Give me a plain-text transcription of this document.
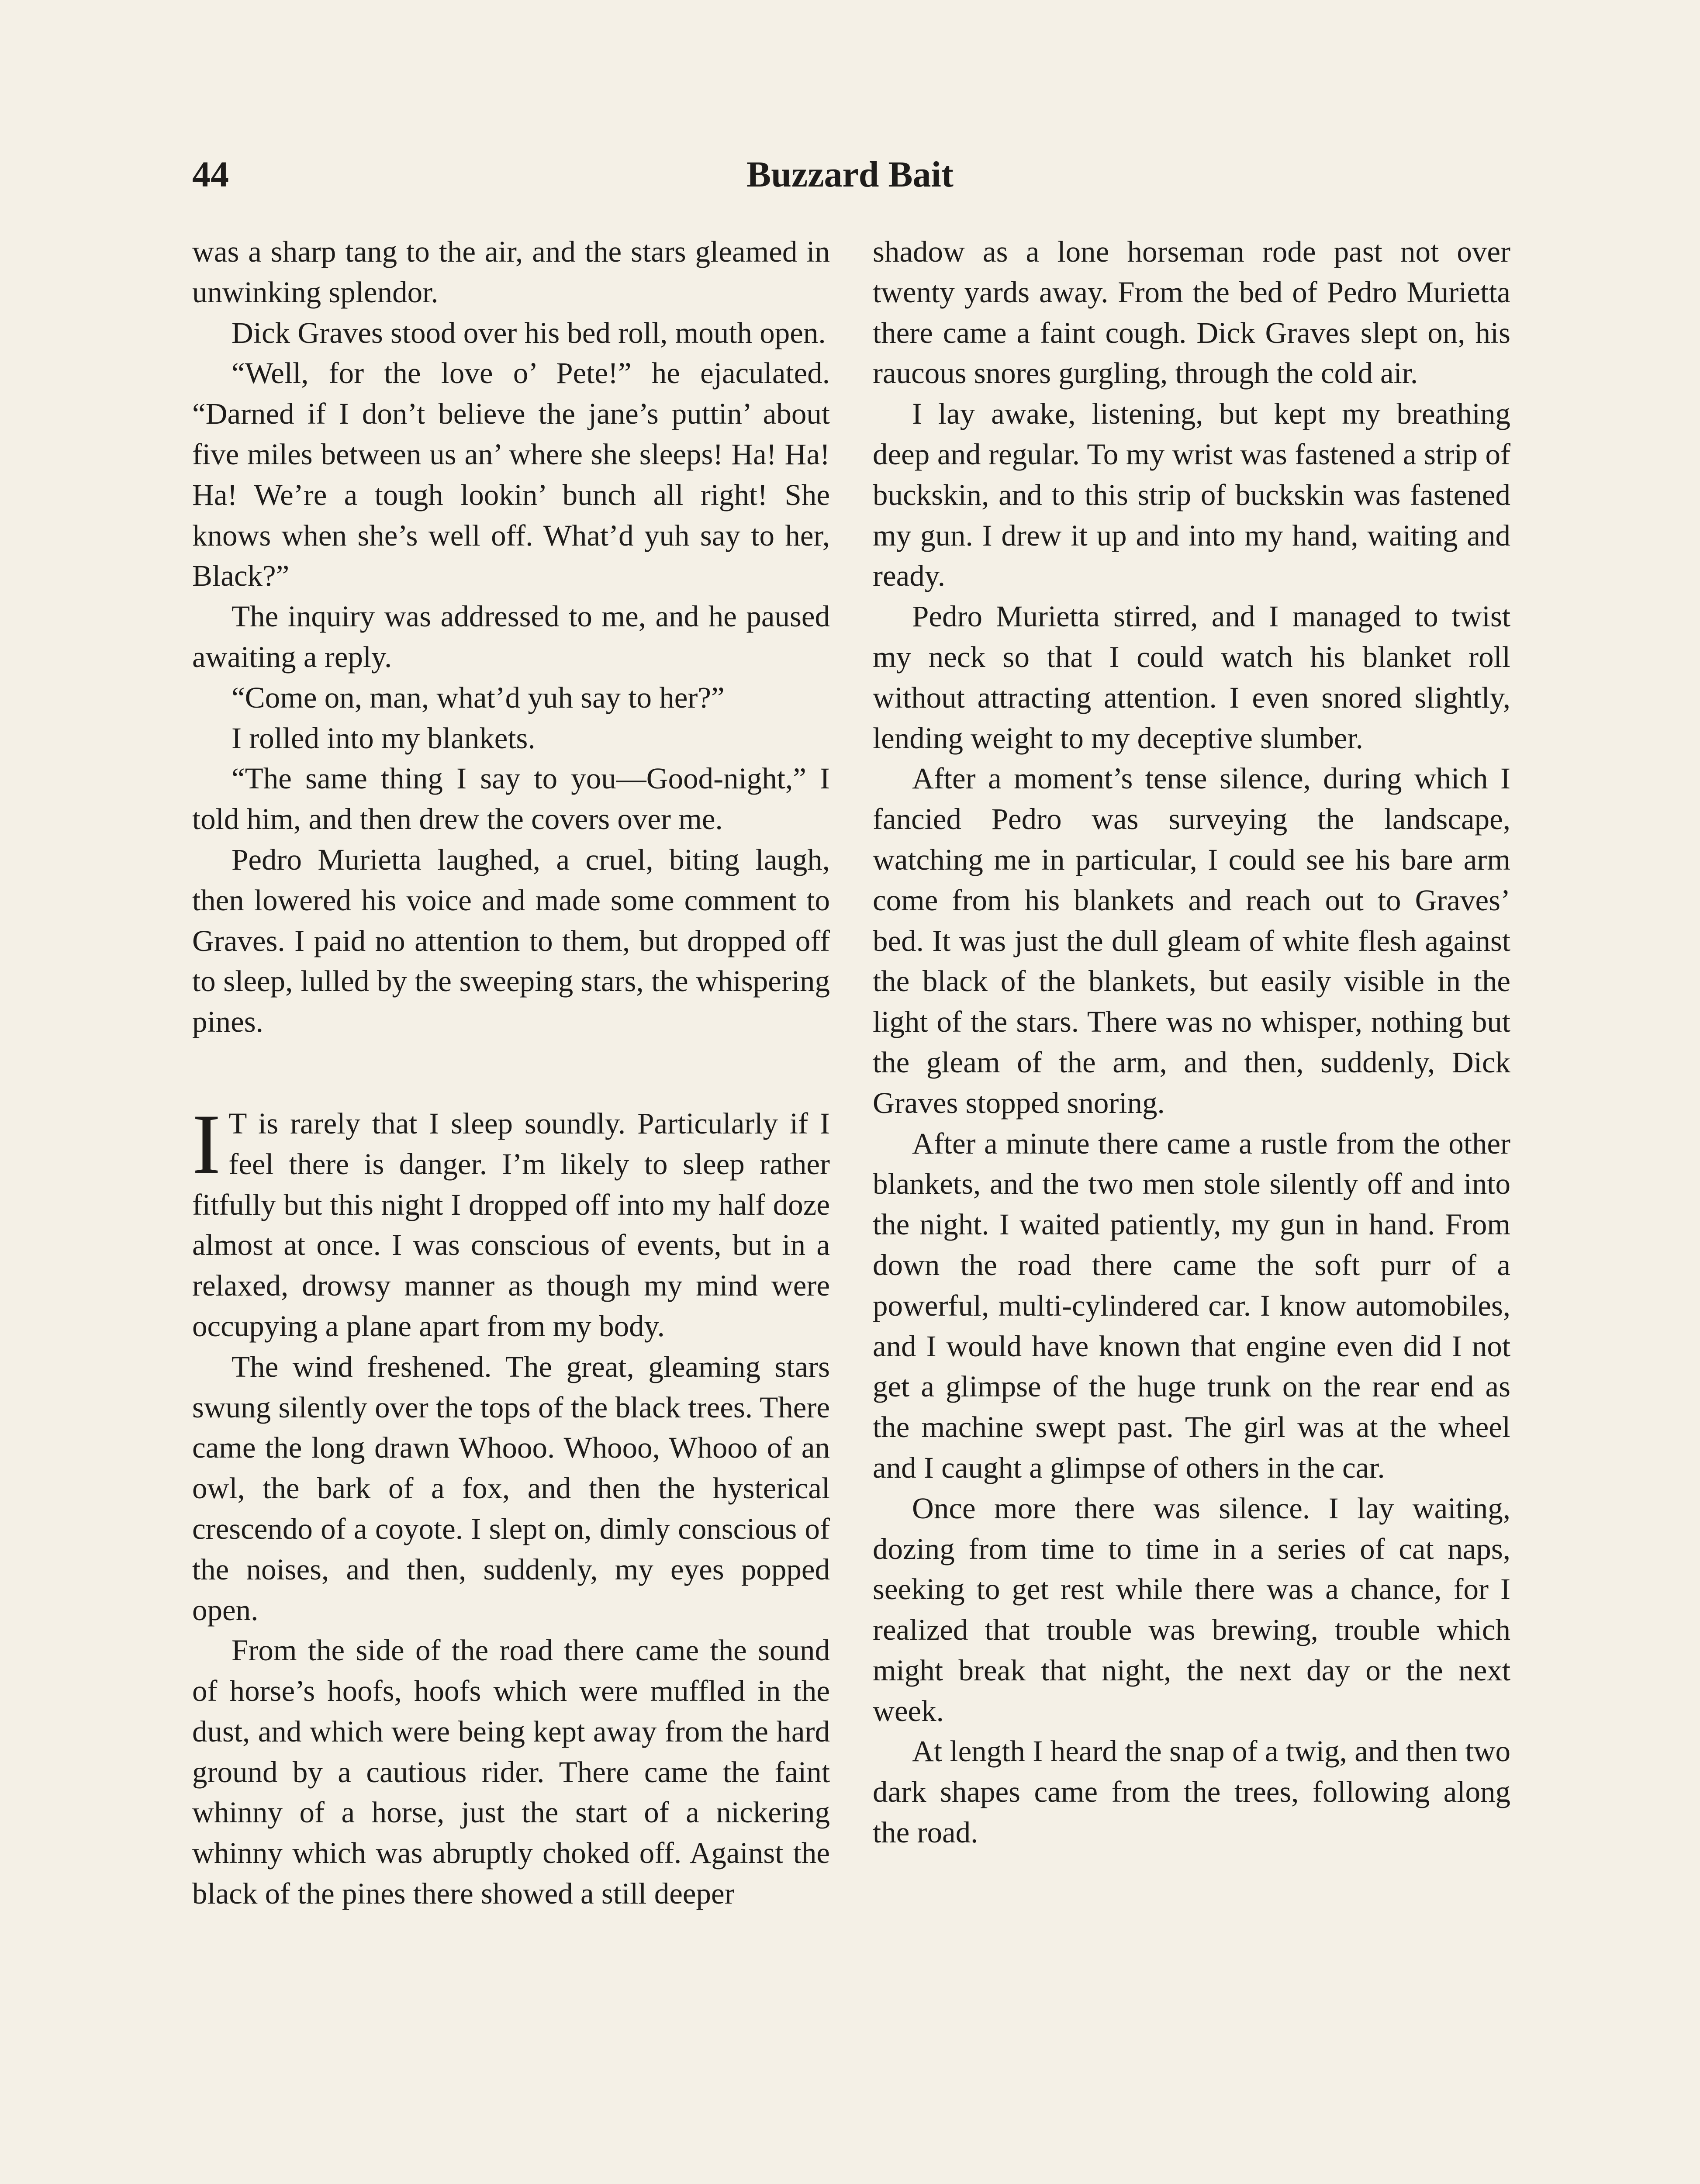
44	Buzzard Bait

was a sharp tang to the air, and the stars gleamed in unwinking splendor.

Dick Graves stood over his bed roll, mouth open.

“Well, for the love o’ Pete!” he ejaculated. “Darned if I don’t believe the jane’s puttin’ about five miles between us an’ where she sleeps! Ha! Ha! Ha! We’re a tough lookin’ bunch all right! She knows when she’s well off. What’d yuh say to her, Black?”

The inquiry was addressed to me, and he paused awaiting a reply.

“Come on, man, what’d yuh say to her?”

I rolled into my blankets.

“The same thing I say to you—Good-night,” I told him, and then drew the covers over me.

Pedro Murietta laughed, a cruel, biting laugh, then lowered his voice and made some comment to Graves. I paid no attention to them, but dropped off to sleep, lulled by the sweeping stars, the whispering pines.

I T is rarely that I sleep soundly. Particularly if I feel there is danger. I’m likely to sleep rather fitfully but this night I dropped off into my half doze almost at once. I was conscious of events, but in a relaxed, drowsy manner as though my mind were occupying a plane apart from my body.

The wind freshened. The great, gleaming stars swung silently over the tops of the black trees. There came the long drawn Whooo. Whooo, Whooo of an owl, the bark of a fox, and then the hysterical crescendo of a coyote. I slept on, dimly conscious of the noises, and then, suddenly, my eyes popped open.

From the side of the road there came the sound of horse’s hoofs, hoofs which were muffled in the dust, and which were being kept away from the hard ground by a cautious rider. There came the faint whinny of a horse, just the start of a nickering whinny which was abruptly choked off. Against the black of the pines there showed a still deeper

shadow as a lone horseman rode past not over twenty yards away. From the bed of Pedro Murietta there came a faint cough. Dick Graves slept on, his raucous snores gurgling, through the cold air.

I lay awake, listening, but kept my breathing deep and regular. To my wrist was fastened a strip of buckskin, and to this strip of buckskin was fastened my gun. I drew it up and into my hand, waiting and ready.

Pedro Murietta stirred, and I managed to twist my neck so that I could watch his blanket roll without attracting attention. I even snored slightly, lending weight to my deceptive slumber.

After a moment’s tense silence, during which I fancied Pedro was surveying the landscape, watching me in particular, I could see his bare arm come from his blankets and reach out to Graves’ bed. It was just the dull gleam of white flesh against the black of the blankets, but easily visible in the light of the stars. There was no whisper, nothing but the gleam of the arm, and then, suddenly, Dick Graves stopped snoring.

After a minute there came a rustle from the other blankets, and the two men stole silently off and into the night. I waited patiently, my gun in hand. From down the road there came the soft purr of a powerful, multi-cylindered car. I know automobiles, and I would have known that engine even did I not get a glimpse of the huge trunk on the rear end as the machine swept past. The girl was at the wheel and I caught a glimpse of others in the car.

Once more there was silence. I lay waiting, dozing from time to time in a series of cat naps, seeking to get rest while there was a chance, for I realized that trouble was brewing, trouble which might break that night, the next day or the next week.

At length I heard the snap of a twig, and then two dark shapes came from the trees, following along the road.
